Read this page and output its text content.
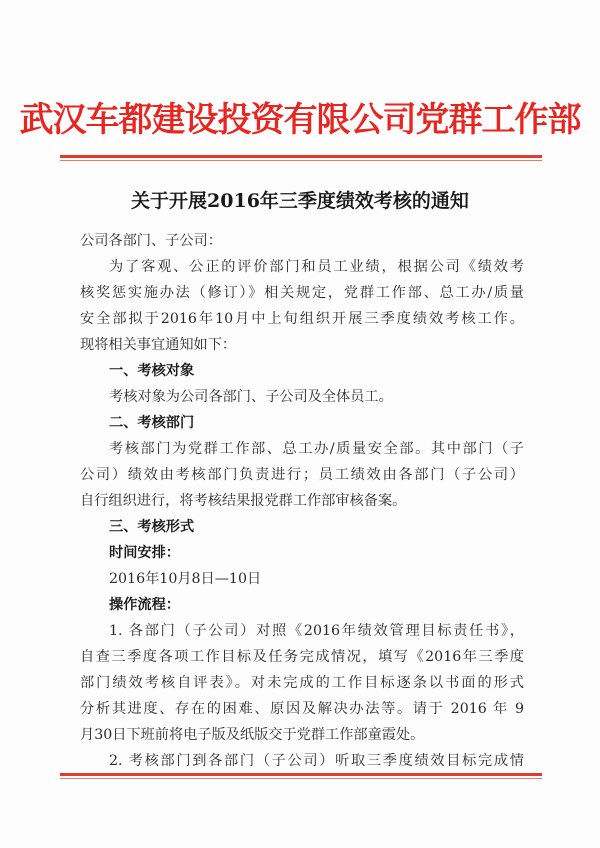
武汉车都建设投资有限公司党群工作部
关于开展2016年三季度绩效考核的通知
公司各部门、子公司：
为了客观、公正的评价部门和员工业绩，根据公司《绩效考
核奖惩实施办法（修订）》相关规定，党群工作部、总工办/质量
安全部拟于2016年10月中上旬组织开展三季度绩效考核工作。
现将相关事宜通知如下：
一、考核对象
考核对象为公司各部门、子公司及全体员工。
二、考核部门
考核部门为党群工作部、总工办/质量安全部。其中部门（子
公司）绩效由考核部门负责进行；员工绩效由各部门（子公司）
自行组织进行，将考核结果报党群工作部审核备案。
三、考核形式
时间安排：
2016年10月8日—10日
操作流程：
1. 各部门（子公司）对照《2016年绩效管理目标责任书》，
自查三季度各项工作目标及任务完成情况，填写《2016年三季度
部门绩效考核自评表》。对未完成的工作目标逐条以书面的形式
分析其进度、存在的困难、原因及解决办法等。请于 2016 年 9
月30日下班前将电子版及纸版交于党群工作部童霞处。
2. 考核部门到各部门（子公司）听取三季度绩效目标完成情
